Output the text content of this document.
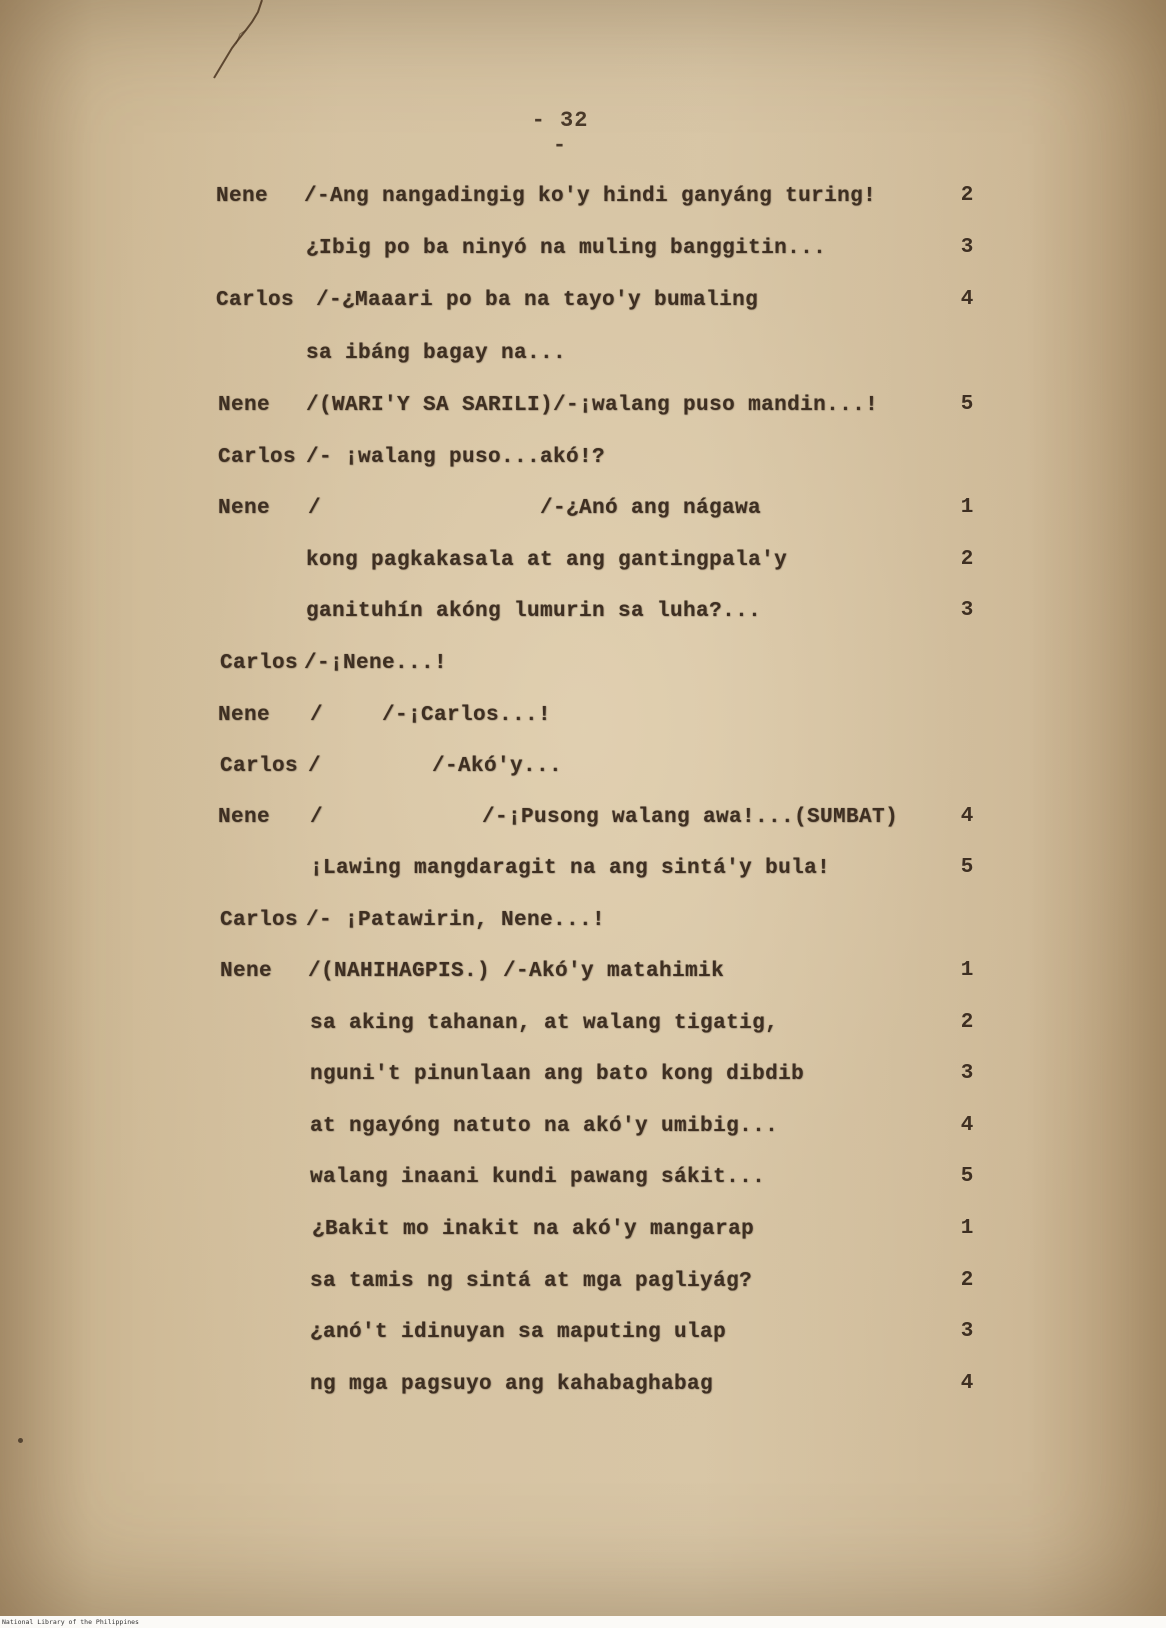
- 32 -
Nene /-Ang nangadingig ko'y hindi ganyáng turing!	2
¿Ibig po ba ninyó na muling banggitin...	3
Carlos /-¿Maaari po ba na tayo'y bumaling	4
sa ibáng bagay na...
Nene /(WARI'Y SA SARILI)/-¡walang puso mandin...!	5
Carlos /- ¡walang puso...akó!?
Nene /	/-¿Anó ang nágawa	1
kong pagkakasala at ang gantingpala'y	2
ganituhín akóng lumurin sa luha?...	3
Carlos /-¡Nene...!
Nene /	/-¡Carlos...!
Carlos /	/-Akó'y...
Nene /	/-¡Pusong walang awa!...(SUMBAT)	4
¡Lawing mangdaragit na ang sintá'y bula!	5
Carlos /- ¡Patawirin, Nene...!
Nene /(NAHIHAGPIS.) /-Akó'y matahimik	1
sa aking tahanan, at walang tigatig,	2
nguni't pinunlaan ang bato kong dibdib	3
at ngayóng natuto na akó'y umibig...	4
walang inaani kundi pawang sákit...	5
¿Bakit mo inakit na akó'y mangarap	1
sa tamis ng sintá at mga pagliyág?	2
¿anó't idinuyan sa maputing ulap	3
ng mga pagsuyo ang kahabaghabag	4
National Library of the Philippines
